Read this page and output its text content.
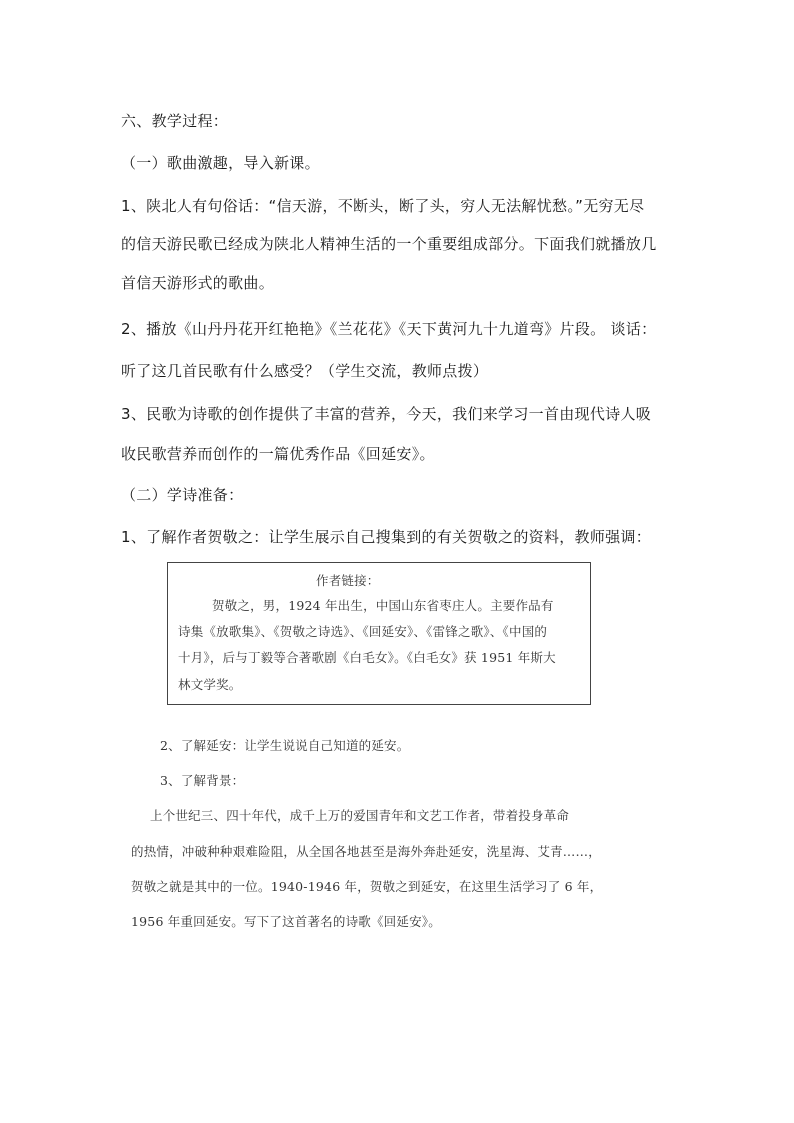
六、教学过程：

（一）歌曲激趣，导入新课。

1、陕北人有句俗话：“信天游，不断头，断了头，穷人无法解忧愁。”无穷无尽

的信天游民歌已经成为陕北人精神生活的一个重要组成部分。下面我们就播放几

首信天游形式的歌曲。

2、播放《山丹丹花开红艳艳》《兰花花》《天下黄河九十九道弯》片段。 谈话：

听了这几首民歌有什么感受？（学生交流，教师点拨）

3、民歌为诗歌的创作提供了丰富的营养，今天，我们来学习一首由现代诗人吸

收民歌营养而创作的一篇优秀作品《回延安》。

（二）学诗准备：

1、了解作者贺敬之：让学生展示自己搜集到的有关贺敬之的资料，教师强调：

作者链接：

贺敬之，男，1924 年出生，中国山东省枣庄人。主要作品有

诗集《放歌集》、《贺敬之诗选》、《回延安》、《雷锋之歌》、《中国的

十月》，后与丁毅等合著歌剧《白毛女》。《白毛女》获 1951 年斯大

林文学奖。

2、了解延安：让学生说说自己知道的延安。

3、了解背景：

上个世纪三、四十年代，成千上万的爱国青年和文艺工作者，带着投身革命

的热情，冲破种种艰难险阻，从全国各地甚至是海外奔赴延安，洗星海、艾青……，

贺敬之就是其中的一位。1940-1946 年，贺敬之到延安，在这里生活学习了 6 年，

1956 年重回延安。写下了这首著名的诗歌《回延安》。
